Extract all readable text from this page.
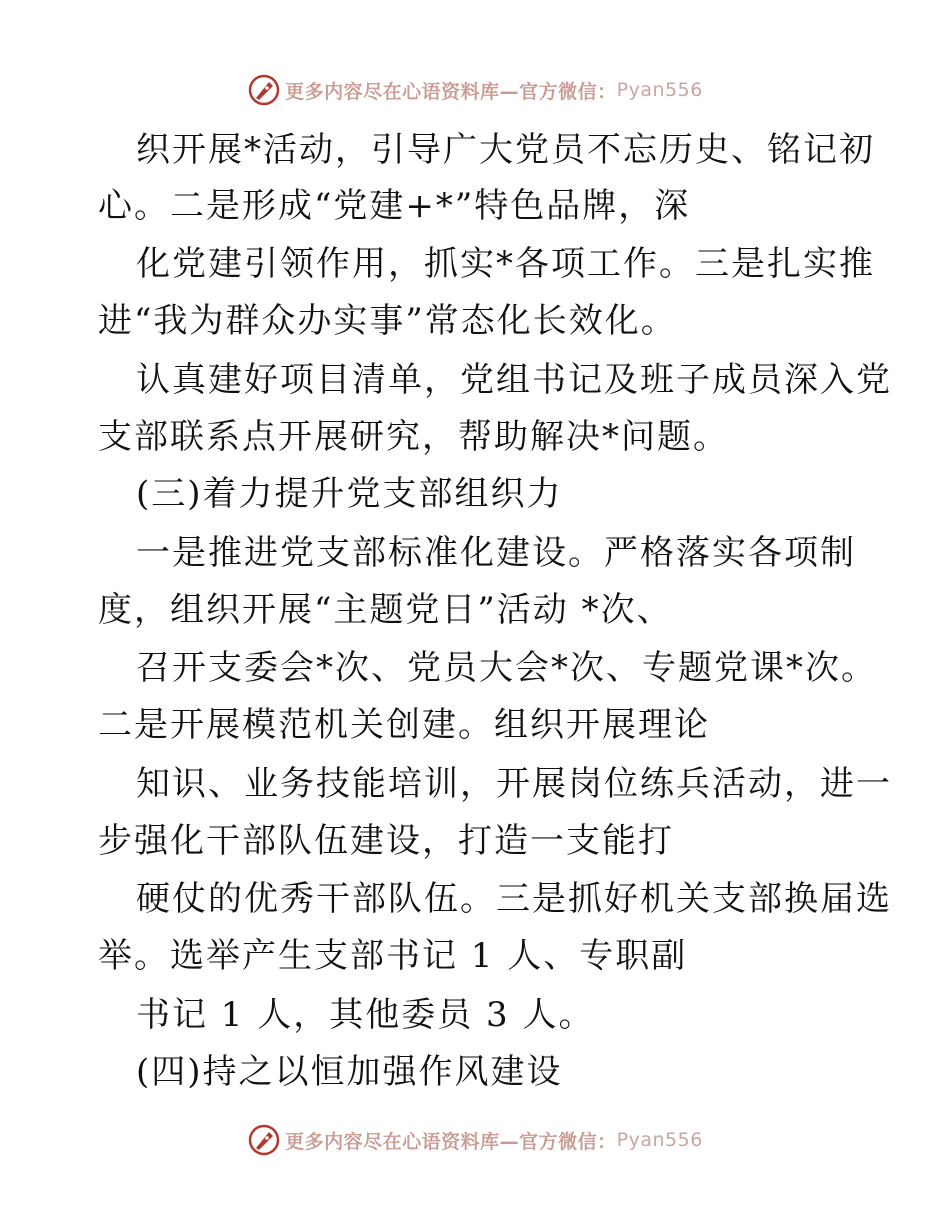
更多内容尽在心语资料库—官方微信： Pyan556
织开展*活动，引导广大党员不忘历史、铭记初
心。二是形成“党建+*”特色品牌，深
化党建引领作用，抓实*各项工作。三是扎实推
进“我为群众办实事”常态化长效化。
认真建好项目清单，党组书记及班子成员深入党
支部联系点开展研究，帮助解决*问题。
(三)着力提升党支部组织力
一是推进党支部标准化建设。严格落实各项制
度，组织开展“主题党日”活动 *次、
召开支委会*次、党员大会*次、专题党课*次。
二是开展模范机关创建。组织开展理论
知识、业务技能培训，开展岗位练兵活动，进一
步强化干部队伍建设，打造一支能打
硬仗的优秀干部队伍。三是抓好机关支部换届选
举。选举产生支部书记 1 人、专职副
书记 1 人，其他委员 3 人。
(四)持之以恒加强作风建设
更多内容尽在心语资料库—官方微信： Pyan556
